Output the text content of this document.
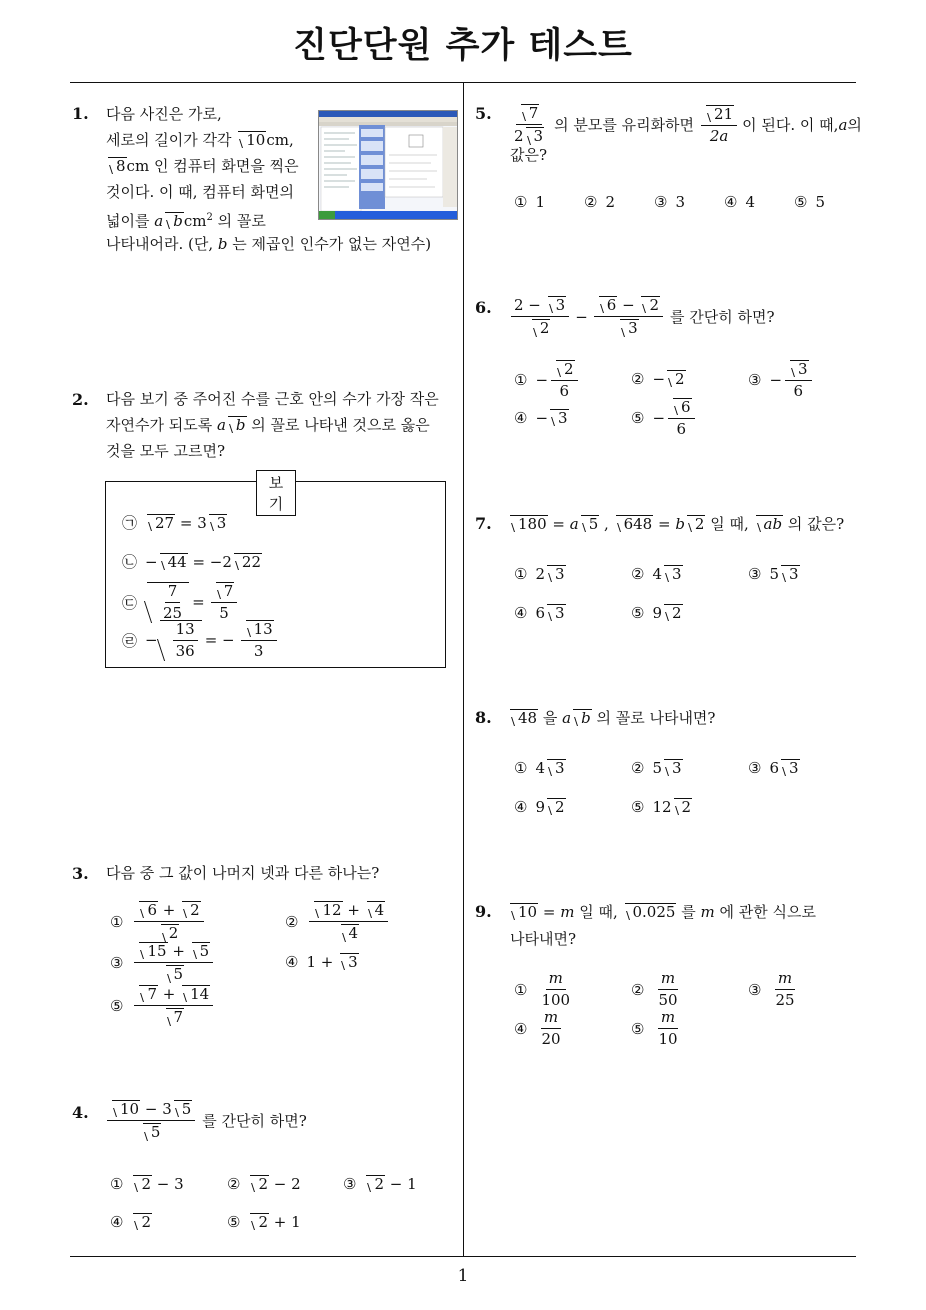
진단단원 추가 테스트
1
1. 다음 사진은 가로,
세로의 길이가 각각 10cm,
8cm 인 컴퓨터 화면을 찍은
것이다. 이 때, 컴퓨터 화면의
넓이를 a bcm$^2$ 의 꼴로
나타내어라. (단, b 는 제곱인 인수가 없는 자연수)
2. 다음 보기 중 주어진 수를 근호 안의 수가 가장 작은
자연수가 되도록 a b 의 꼴로 나타낸 것으로 옳은
것을 모두 고르면?
보기
㉠ 27 = 3 3
㉡ − 44 = −2 22
㉢ $\frac{7}{25} = \frac{7}{5}$
㉣ − $\frac{13}{36}$ = − $\frac{13}{3}$
3. 다음 중 그 값이 나머지 넷과 다른 하나는?
① $\frac{6 + 2}{2}$	② $\frac{12 + 4}{4}$
③ $\frac{15 + 5}{5}$	④ 1 + 3
⑤ $\frac{7 + 14}{7}$
4. $\frac{10 - 3 5}{5}$ 를 간단히 하면?
① 2 − 3	② 2 − 2	③ 2 − 1
④ 2	⑤ 2 + 1
5. $\frac{7}{2 3}$ 의 분모를 유리화하면 $\frac{21}{2a}$ 이 된다. 이 때, a 의
값은?
① 1	② 2	③ 3	④ 4	⑤ 5
6. $\frac{2 - 3}{2} - \frac{6 - 2}{3}$ 를 간단히 하면?
① − $\frac{2}{6}$	② − 2	③ − $\frac{3}{6}$
④ − 3	⑤ − $\frac{6}{6}$
7.	180 = a 5 , 648 = b 2 일 때, ab 의 값은?
① 2 3	② 4 3	③ 5 3
④ 6 3	⑤ 9 2
8.	48 을 a b 의 꼴로 나타내면?
① 4 3	② 5 3	③ 6 3
④ 9 2	⑤ 12 2
9.	10 = m 일 때, 0.025 를 m 에 관한 식으로
나타내면?
① $\frac{m}{100}$	② $\frac{m}{50}$	③ $\frac{m}{25}$
④ $\frac{m}{20}$	⑤ $\frac{m}{10}$
